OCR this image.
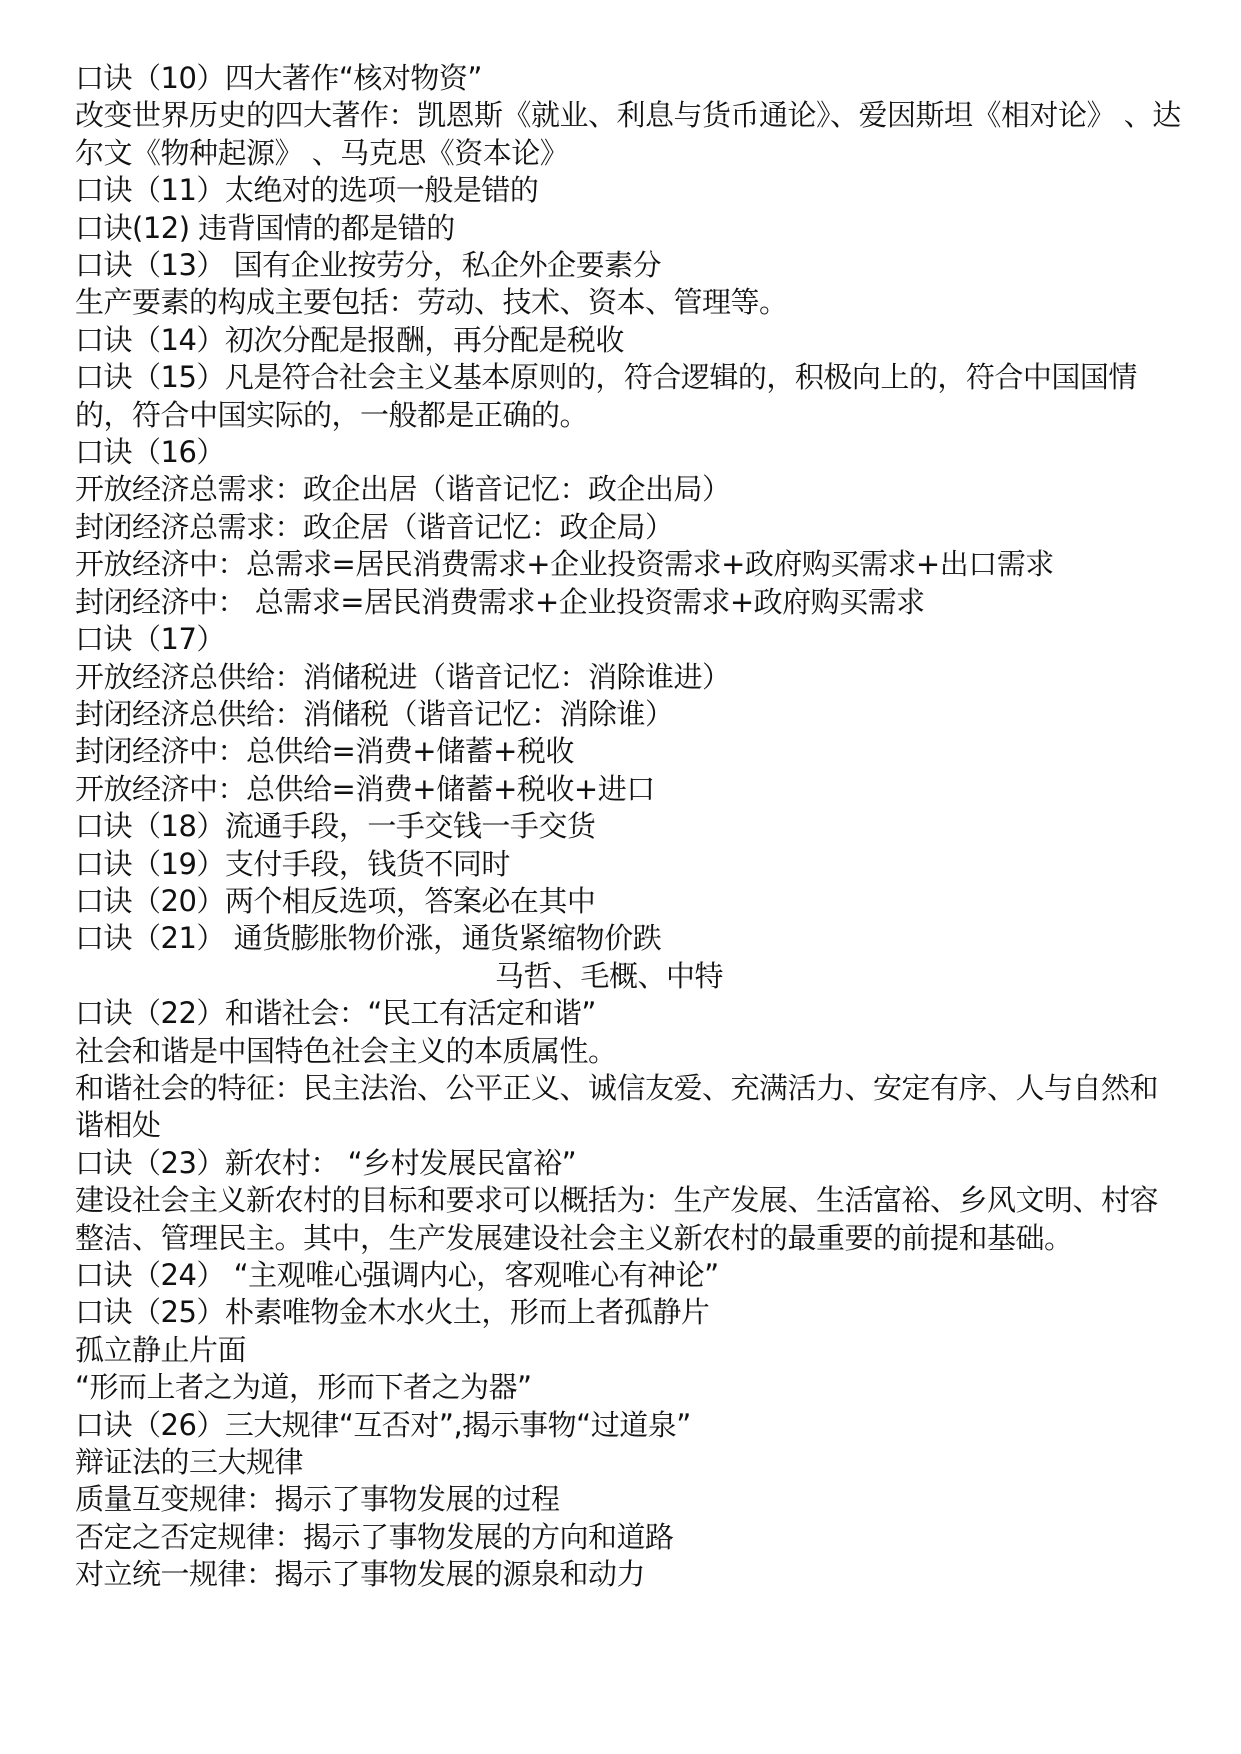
口诀（10）四大著作“核对物资”
改变世界历史的四大著作：凯恩斯《就业、利息与货币通论》、爱因斯坦《相对论》 、达尔文《物种起源》 、马克思《资本论》
口诀（11）太绝对的选项一般是错的
口诀(12) 违背国情的都是错的
口诀（13） 国有企业按劳分，私企外企要素分
生产要素的构成主要包括：劳动、技术、资本、管理等。
口诀（14）初次分配是报酬，再分配是税收
口诀（15）凡是符合社会主义基本原则的，符合逻辑的，积极向上的，符合中国国情 的，符合中国实际的，一般都是正确的。
口诀（16）
开放经济总需求：政企出居（谐音记忆：政企出局）
封闭经济总需求：政企居（谐音记忆：政企局）
开放经济中：总需求=居民消费需求+企业投资需求+政府购买需求+出口需求
封闭经济中： 总需求=居民消费需求+企业投资需求+政府购买需求
口诀（17）
开放经济总供给：消储税进（谐音记忆：消除谁进）
封闭经济总供给：消储税（谐音记忆：消除谁）
封闭经济中：总供给=消费+储蓄+税收
开放经济中：总供给=消费+储蓄+税收+进口
口诀（18）流通手段，一手交钱一手交货
口诀（19）支付手段，钱货不同时
口诀（20）两个相反选项，答案必在其中
口诀（21） 通货膨胀物价涨，通货紧缩物价跌
马哲、毛概、中特
口诀（22）和谐社会：“民工有活定和谐”
社会和谐是中国特色社会主义的本质属性。
和谐社会的特征：民主法治、公平正义、诚信友爱、充满活力、安定有序、人与自然和谐相处
口诀（23）新农村： “乡村发展民富裕”
建设社会主义新农村的目标和要求可以概括为：生产发展、生活富裕、乡风文明、村容整洁、管理民主。其中，生产发展建设社会主义新农村的最重要的前提和基础。
口诀（24） “主观唯心强调内心，客观唯心有神论”
口诀（25）朴素唯物金木水火土，形而上者孤静片
孤立静止片面
“形而上者之为道，形而下者之为器”
口诀（26）三大规律“互否对”,揭示事物“过道泉”
辩证法的三大规律
质量互变规律：揭示了事物发展的过程
否定之否定规律：揭示了事物发展的方向和道路
对立统一规律：揭示了事物发展的源泉和动力
